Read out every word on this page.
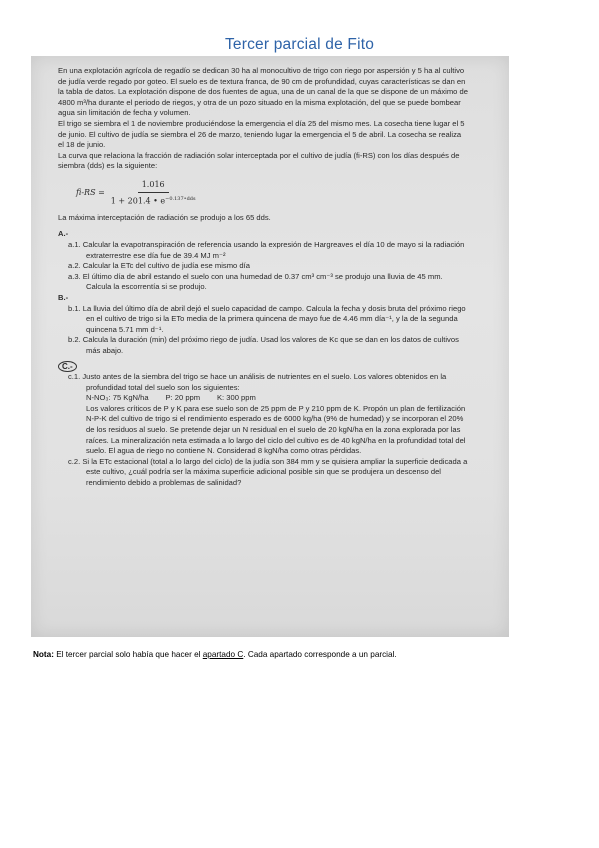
Tercer parcial de Fito

En una explotación agrícola de regadío se dedican 30 ha al monocultivo de trigo con riego por aspersión y 5 ha al cultivo de judía verde regado por goteo. El suelo es de textura franca, de 90 cm de profundidad, cuyas características se dan en la tabla de datos. La explotación dispone de dos fuentes de agua, una de un canal de la que se dispone de un máximo de 4800 m³/ha durante el periodo de riegos, y otra de un pozo situado en la misma explotación, del que se puede bombear agua sin limitación de fecha y volumen.

El trigo se siembra el 1 de noviembre produciéndose la emergencia el día 25 del mismo mes. La cosecha tiene lugar el 5 de junio. El cultivo de judía se siembra el 26 de marzo, teniendo lugar la emergencia el 5 de abril. La cosecha se realiza el 18 de junio.

La curva que relaciona la fracción de radiación solar interceptada por el cultivo de judía (fi-RS) con los días después de siembra (dds) es la siguiente:

$fi-RS = \frac{1.016}{1 + 201.4 • e^{-0.137•dds}}$

La máxima interceptación de radiación se produjo a los 65 dds.

A.-

a.1. Calcular la evapotranspiración de referencia usando la expresión de Hargreaves el día 10 de mayo si la radiación extraterrestre ese día fue de 39.4 MJ m⁻²

a.2. Calcular la ETc del cultivo de judía ese mismo día

a.3. El último día de abril estando el suelo con una humedad de 0.37 cm³ cm⁻³ se produjo una lluvia de 45 mm. Calcula la escorrentía si se produjo.

B.-

b.1. La lluvia del último día de abril dejó el suelo capacidad de campo. Calcula la fecha y dosis bruta del próximo riego en el cultivo de trigo si la ETo media de la primera quincena de mayo fue de 4.46 mm día⁻¹, y la de la segunda quincena 5.71 mm d⁻¹.

b.2. Calcula la duración (min) del próximo riego de judía. Usad los valores de Kc que se dan en los datos de cultivos más abajo.

C.-

c.1. Justo antes de la siembra del trigo se hace un análisis de nutrientes en el suelo. Los valores obtenidos en la profundidad total del suelo son los siguientes:

N-NO₃: 75 KgN/ha        P: 20 ppm        K: 300 ppm

Los valores críticos de P y K para ese suelo son de 25 ppm de P y 210 ppm de K. Propón un plan de fertilización N-P-K del cultivo de trigo si el rendimiento esperado es de 6000 kg/ha (9% de humedad) y se incorporan el 20% de los residuos al suelo. Se pretende dejar un N residual en el suelo de 20 kgN/ha en la zona explorada por las raíces. La mineralización neta estimada a lo largo del ciclo del cultivo es de 40 kgN/ha en la profundidad total del suelo. El agua de riego no contiene N. Considerad 8 kgN/ha como otras pérdidas.

c.2. Si la ETc estacional (total a lo largo del ciclo) de la judía son 384 mm y se quisiera ampliar la superficie dedicada a este cultivo, ¿cuál podría ser la máxima superficie adicional posible sin que se produjera un descenso del rendimiento debido a problemas de salinidad?

Nota: El tercer parcial solo había que hacer el apartado C. Cada apartado corresponde a un parcial.
